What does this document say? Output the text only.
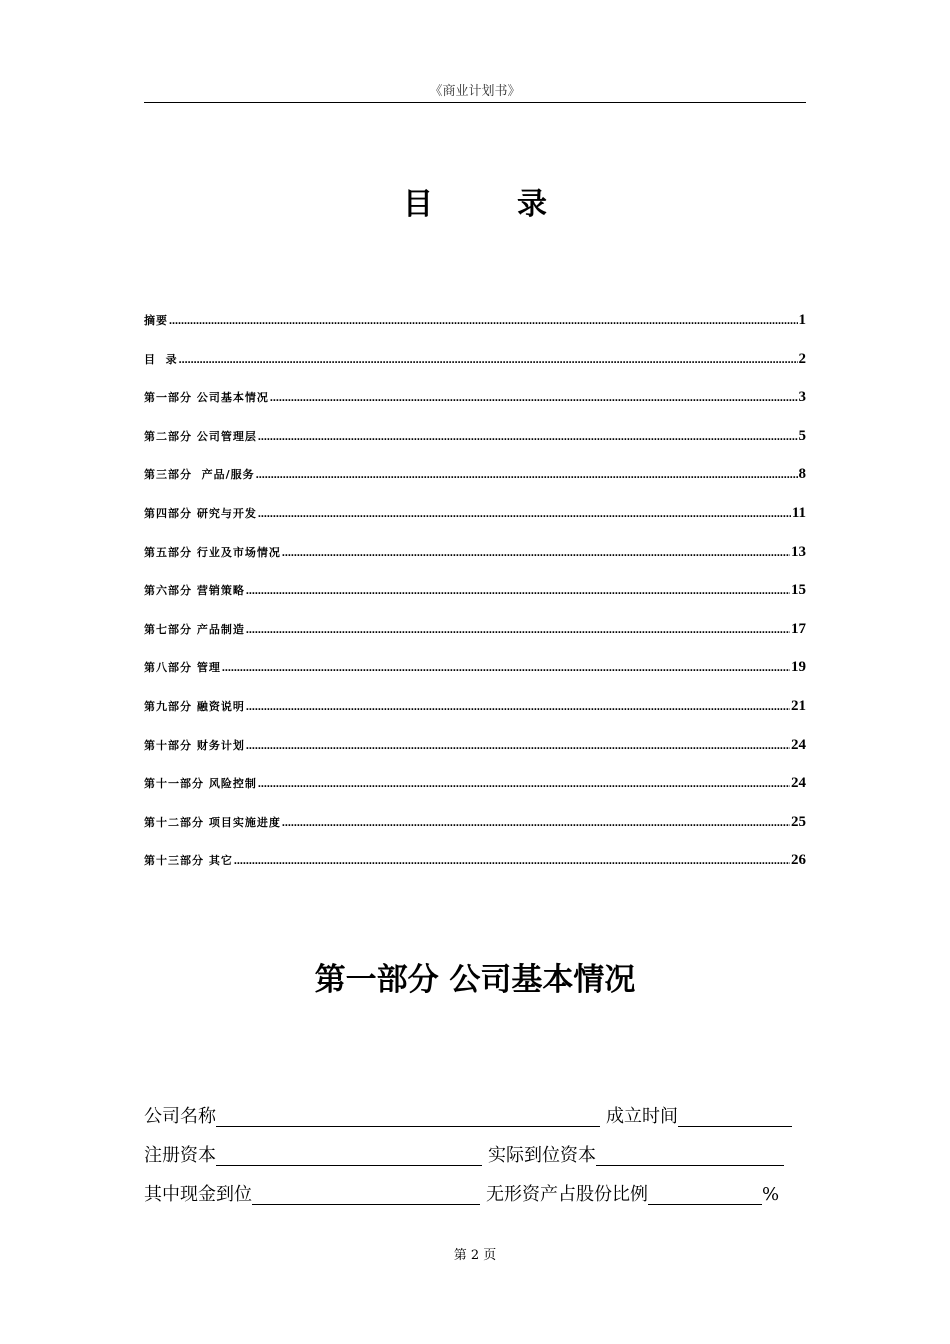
《商业计划书》
目	录
摘要 .....	1
目  录 .....	2
第一部分 公司基本情况 .....	3
第二部分 公司管理层 .....	5
第三部分  产品/服务 .....	8
第四部分 研究与开发 .....	11
第五部分 行业及市场情况 .....	13
第六部分 营销策略 .....	15
第七部分 产品制造 .....	17
第八部分 管理 .....	19
第九部分 融资说明 .....	21
第十部分 财务计划 .....	24
第十一部分 风险控制 .....	24
第十二部分 项目实施进度 .....	25
第十三部分 其它 .....	26
第一部分 公司基本情况
公司名称	成立时间
注册资本	实际到位资本
其中现金到位	无形资产占股份比例	%
第 2 页
